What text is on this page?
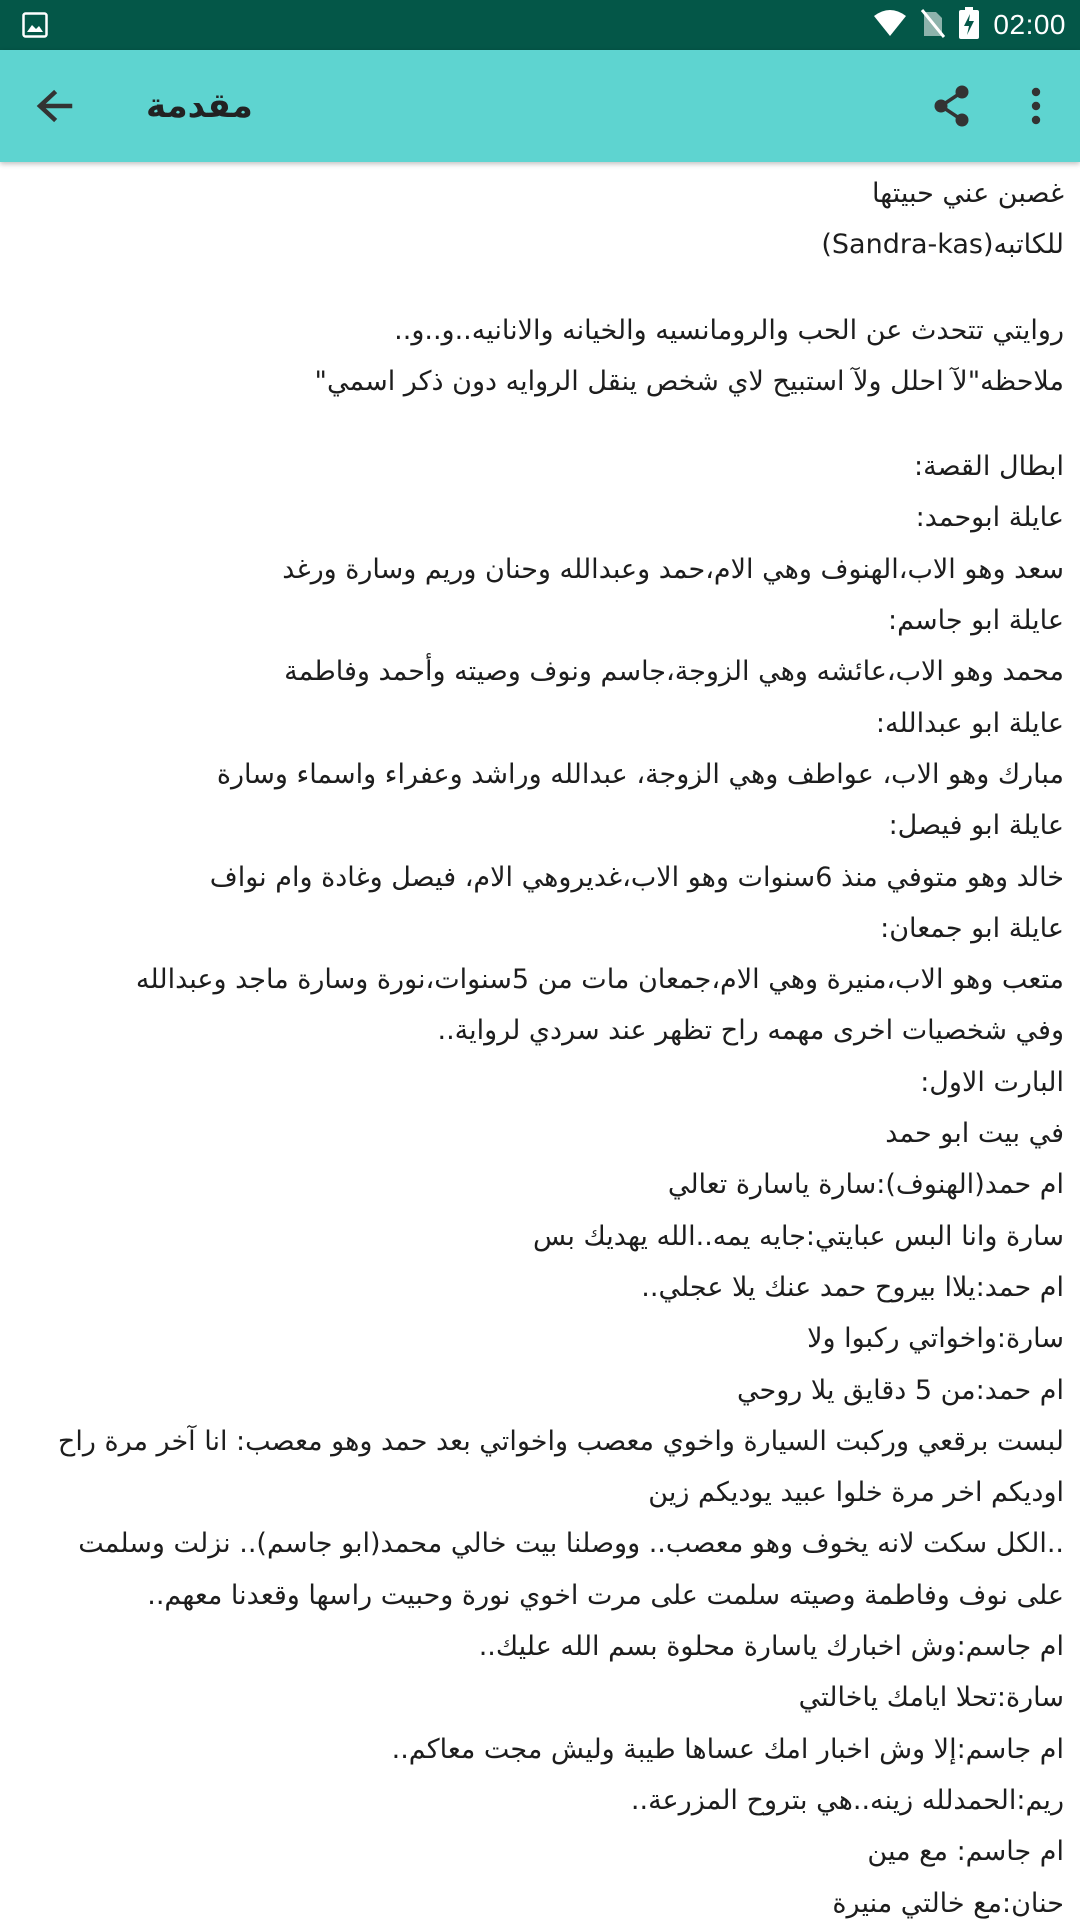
02:00
مقدمة

غصبن عني حبيتها

للكاتبه(Sandra-kas)

روايتي تتحدث عن الحب والرومانسيه والخيانه والانانيه..و..و..

ملاحظه"لآ احلل ولآ استبيح لاي شخص ينقل الروايه دون ذكر اسمي"

ابطال القصة:

عايلة ابوحمد:

سعد وهو الاب،الهنوف وهي الام،حمد وعبدالله وحنان وريم وسارة ورغد

عايلة ابو جاسم:

محمد وهو الاب،عائشه وهي الزوجة،جاسم ونوف وصيته وأحمد وفاطمة

عايلة ابو عبدالله:

مبارك وهو الاب، عواطف وهي الزوجة، عبدالله وراشد وعفراء واسماء وسارة

عايلة ابو فيصل:

خالد وهو متوفي منذ 6سنوات وهو الاب،غديروهي الام، فيصل وغادة وام نواف

عايلة ابو جمعان:

متعب وهو الاب،منيرة وهي الام،جمعان مات من 5سنوات،نورة وسارة ماجد وعبدالله

وفي شخصيات اخرى مهمه راح تظهر عند سردي لرواية..

البارت الاول:

في بيت ابو حمد

ام حمد(الهنوف):سارة ياسارة تعالي

سارة وانا البس عبايتي:جايه يمه..الله يهديك بس

ام حمد:يلاا بيروح حمد عنك يلا عجلي..

سارة:واخواتي ركبوا ولا

ام حمد:من 5 دقايق يلا روحي

لبست برقعي وركبت السيارة واخوي معصب واخواتي بعد حمد وهو معصب: انا آخر مرة راح اوديكم اخر مرة خلوا عبيد يوديكم زين

..الكل سكت لانه يخوف وهو معصب.. ووصلنا بيت خالي محمد(ابو جاسم).. نزلت وسلمت على نوف وفاطمة وصيته سلمت على مرت اخوي نورة وحبيت راسها وقعدنا معهم..

ام جاسم:وش اخبارك ياسارة محلوة بسم الله عليك..

سارة:تحلا ايامك ياخالتي

ام جاسم:إلا وش اخبار امك عساها طيبة وليش مجت معاكم..

ريم:الحمدلله زينه..هي بتروح المزرعة..

ام جاسم: مع مين

حنان:مع خالتي منيرة
